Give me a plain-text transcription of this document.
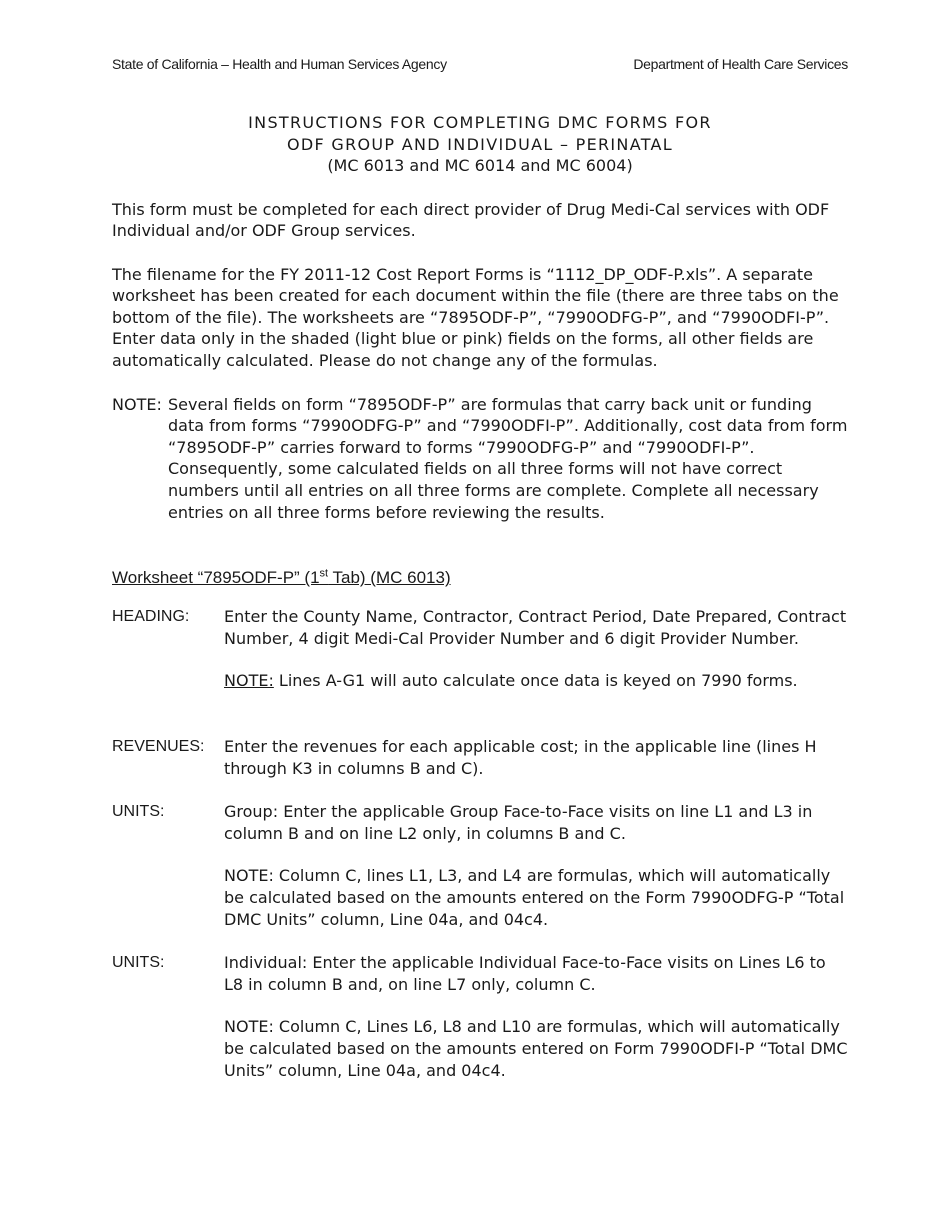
State of California – Health and Human Services Agency	Department of Health Care Services
INSTRUCTIONS FOR COMPLETING DMC FORMS FOR
ODF GROUP AND INDIVIDUAL – PERINATAL
(MC 6013 and MC 6014 and MC 6004)
This form must be completed for each direct provider of Drug Medi-Cal services with ODF Individual and/or ODF Group services.
The filename for the FY 2011-12 Cost Report Forms is “1112_DP_ODF-P.xls”. A separate worksheet has been created for each document within the file (there are three tabs on the bottom of the file). The worksheets are “7895ODF-P”, “7990ODFG-P”, and “7990ODFI-P”. Enter data only in the shaded (light blue or pink) fields on the forms, all other fields are automatically calculated. Please do not change any of the formulas.
NOTE: Several fields on form “7895ODF-P” are formulas that carry back unit or funding data from forms “7990ODFG-P” and “7990ODFI-P”. Additionally, cost data from form “7895ODF-P” carries forward to forms “7990ODFG-P” and “7990ODFI-P”. Consequently, some calculated fields on all three forms will not have correct numbers until all entries on all three forms are complete. Complete all necessary entries on all three forms before reviewing the results.
Worksheet “7895ODF-P” (1st Tab) (MC 6013)
HEADING:	Enter the County Name, Contractor, Contract Period, Date Prepared, Contract Number, 4 digit Medi-Cal Provider Number and 6 digit Provider Number.

NOTE: Lines A-G1 will auto calculate once data is keyed on 7990 forms.

REVENUES:	Enter the revenues for each applicable cost; in the applicable line (lines H through K3 in columns B and C).

UNITS:	Group: Enter the applicable Group Face-to-Face visits on line L1 and L3 in column B and on line L2 only, in columns B and C.

NOTE: Column C, lines L1, L3, and L4 are formulas, which will automatically be calculated based on the amounts entered on the Form 7990ODFG-P “Total DMC Units” column, Line 04a, and 04c4.

UNITS:	Individual: Enter the applicable Individual Face-to-Face visits on Lines L6 to L8 in column B and, on line L7 only, column C.

NOTE: Column C, Lines L6, L8 and L10 are formulas, which will automatically be calculated based on the amounts entered on Form 7990ODFI-P “Total DMC Units” column, Line 04a, and 04c4.
